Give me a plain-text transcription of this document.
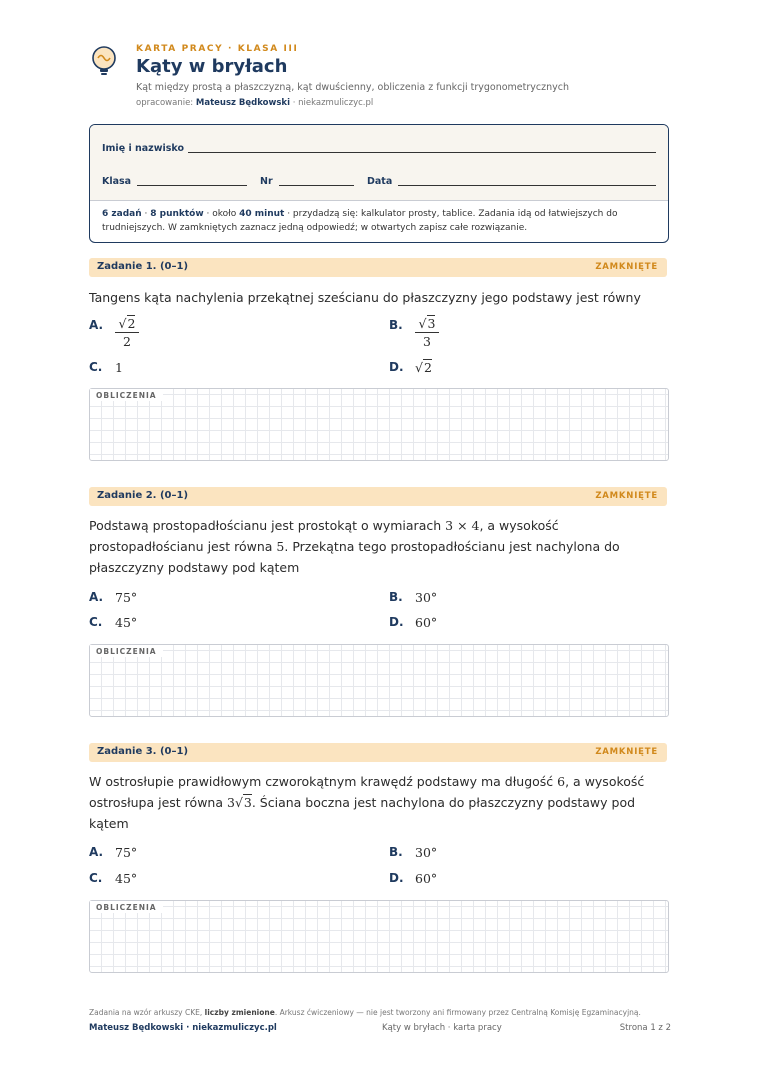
KARTA PRACY · KLASA III
Kąty w bryłach
Kąt między prostą a płaszczyzną, kąt dwuścienny, obliczenia z funkcji trygonometrycznych
opracowanie: Mateusz Będkowski · niekazmuliczyc.pl
Imię i nazwisko
Klasa	Nr	Data
6 zadań · 8 punktów · około 40 minut · przydadzą się: kalkulator prosty, tablice. Zadania idą od łatwiejszych do trudniejszych. W zamkniętych zaznacz jedną odpowiedź; w otwartych zapisz całe rozwiązanie.
Zadanie 1. (0–1)	ZAMKNIĘTE
Tangens kąta nachylenia przekątnej sześcianu do płaszczyzny jego podstawy jest równy
A. $\frac{√2}{2}$	B. $\frac{√3}{3}$
C. 1	D. √2
OBLICZENIA
Zadanie 2. (0–1)	ZAMKNIĘTE
Podstawą prostopadłościanu jest prostokąt o wymiarach 3 × 4, a wysokość prostopadłościanu jest równa 5. Przekątna tego prostopadłościanu jest nachylona do płaszczyzny podstawy pod kątem
A. 75°	B. 30°
C. 45°	D. 60°
OBLICZENIA
Zadanie 3. (0–1)	ZAMKNIĘTE
W ostrosłupie prawidłowym czworokątnym krawędź podstawy ma długość 6, a wysokość ostrosłupa jest równa 3√3. Ściana boczna jest nachylona do płaszczyzny podstawy pod kątem
A. 75°	B. 30°
C. 45°	D. 60°
OBLICZENIA
Zadania na wzór arkuszy CKE, liczby zmienione. Arkusz ćwiczeniowy — nie jest tworzony ani firmowany przez Centralną Komisję Egzaminacyjną.
Mateusz Będkowski · niekazmuliczyc.pl	Kąty w bryłach · karta pracy	Strona 1 z 2
